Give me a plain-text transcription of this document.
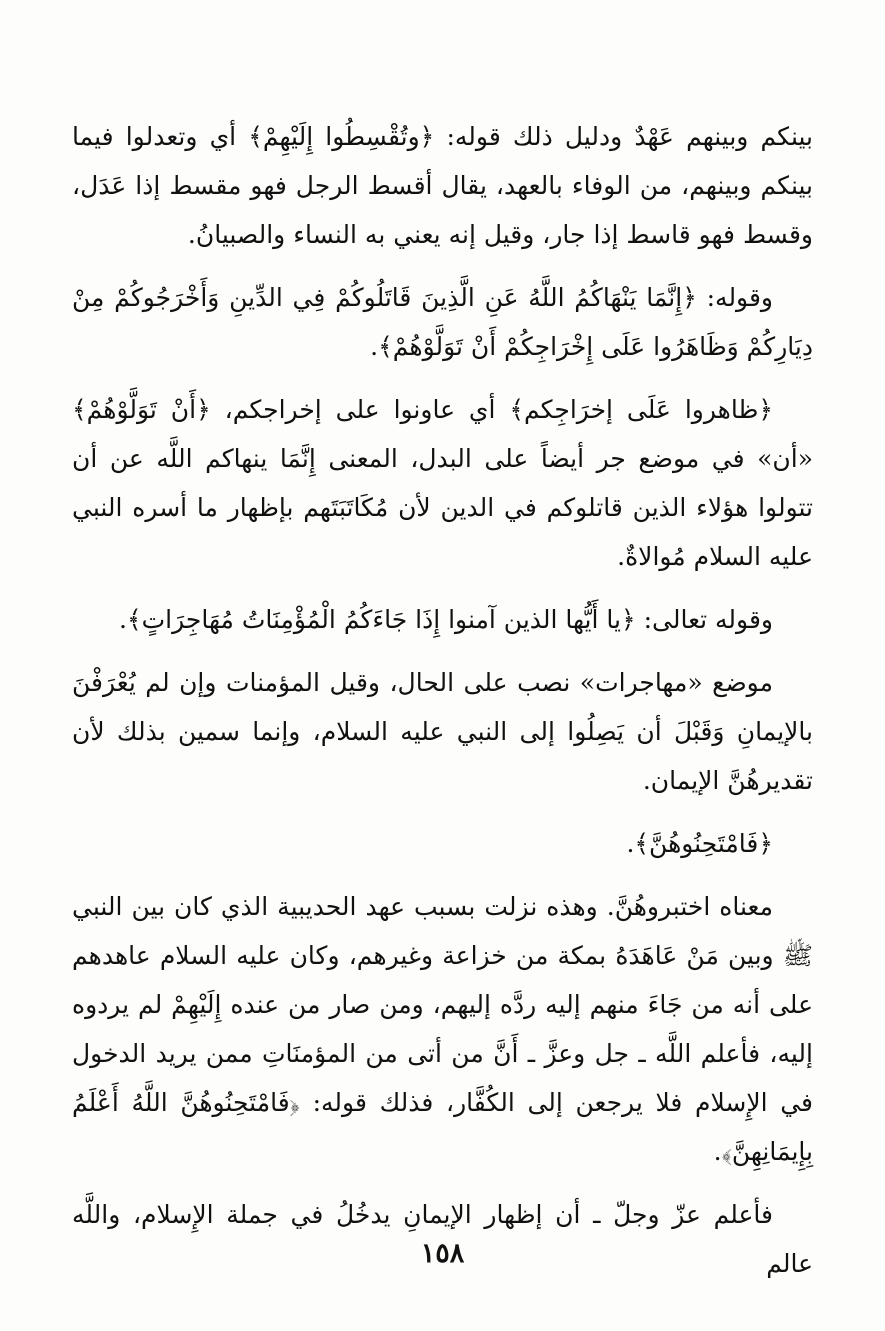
بينكم وبينهم عَهْدٌ ودليل ذلك قوله: ﴿وتُقْسِطُوا إِلَيْهِمْ﴾ أي وتعدلوا فيما بينكم وبينهم، من الوفاء بالعهد، يقال أقسط الرجل فهو مقسط إذا عَدَل، وقسط فهو قاسط إذا جار، وقيل إنه يعني به النساء والصبيانُ.

وقوله: ﴿إِنَّمَا يَنْهَاكُمُ اللَّهُ عَنِ الَّذِينَ قَاتَلُوكُمْ فِي الدِّينِ وَأَخْرَجُوكُمْ مِنْ دِيَارِكُمْ وَظَاهَرُوا عَلَى إِخْرَاجِكُمْ أَنْ تَوَلَّوْهُمْ﴾.

﴿ظاهروا عَلَى إخرَاجِكم﴾ أي عاونوا على إخراجكم، ﴿أَنْ تَوَلَّوْهُمْ﴾ «أن» في موضع جر أيضاً على البدل، المعنى إِنَّمَا ينهاكم اللَّه عن أن تتولوا هؤلاء الذين قاتلوكم في الدين لأن مُكَاتَبَتَهم بإظهار ما أسره النبي عليه السلام مُوالاةٌ.

وقوله تعالى: ﴿يا أَيُّها الذين آمنوا إِذَا جَاءَكُمُ الْمُؤْمِنَاتُ مُهَاجِرَاتٍ﴾.

موضع «مهاجرات» نصب على الحال، وقيل المؤمنات وإن لم يُعْرَفْنَ بالإيمانِ وَقَبْلَ أن يَصِلُوا إلى النبي عليه السلام، وإنما سمين بذلك لأن تقديرهُنَّ الإيمان.

﴿فَامْتَحِنُوهُنَّ﴾.

معناه اختبروهُنَّ. وهذه نزلت بسبب عهد الحديبية الذي كان بين النبي ﷺ وبين مَنْ عَاهَدَهُ بمكة من خزاعة وغيرهم، وكان عليه السلام عاهدهم على أنه من جَاءَ منهم إليه ردَّه إليهم، ومن صار من عنده إِلَيْهِمْ لم يردوه إليه، فأعلم اللَّه ـ جل وعزَّ ـ أَنَّ من أتى من المؤمنَاتِ ممن يريد الدخول في الإِسلام فلا يرجعن إلى الكُفَّار، فذلك قوله: ﴿فَامْتَحِنُوهُنَّ اللَّهُ أَعْلَمُ بِإِيمَانِهِنَّ﴾.

فأعلم عزّ وجلّ ـ أن إظهار الإيمانِ يدخُلُ في جملة الإِسلام، واللَّه عالم

١٥٨
